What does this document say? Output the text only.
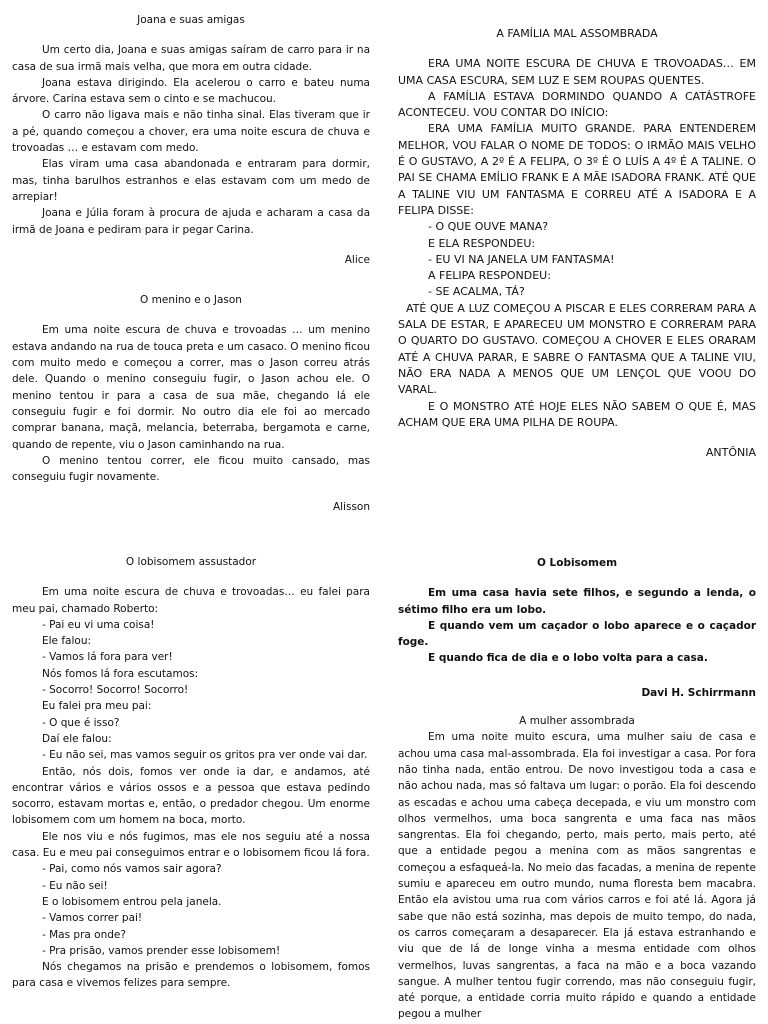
Joana e suas amigas

Um certo dia, Joana e suas amigas saíram de carro para ir na casa de sua irmã mais velha, que mora em outra cidade.

Joana estava dirigindo. Ela acelerou o carro e bateu numa árvore. Carina estava sem o cinto e se machucou.

O carro não ligava mais e não tinha sinal. Elas tiveram que ir a pé, quando começou a chover, era uma noite escura de chuva e trovoadas … e estavam com medo.

Elas viram uma casa abandonada e entraram para dormir, mas, tinha barulhos estranhos e elas estavam com um medo de arrepiar!

Joana e Júlia foram à procura de ajuda e acharam a casa da irmã de Joana e pediram para ir pegar Carina.

Alice

O menino e o Jason

Em uma noite escura de chuva e trovoadas … um menino estava andando na rua de touca preta e um casaco. O menino ficou com muito medo e começou a correr, mas o Jason correu atrás dele. Quando o menino conseguiu fugir, o Jason achou ele. O menino tentou ir para a casa de sua mãe, chegando lá ele conseguiu fugir e foi dormir. No outro dia ele foi ao mercado comprar banana, maçã, melancia, beterraba, bergamota e carne, quando de repente, viu o Jason caminhando na rua.

O menino tentou correr, ele ficou muito cansado, mas conseguiu fugir novamente.

Alisson

A FAMÍLIA MAL ASSOMBRADA

ERA UMA NOITE ESCURA DE CHUVA E TROVOADAS… EM UMA CASA ESCURA, SEM LUZ E SEM ROUPAS QUENTES.

A FAMÍLIA ESTAVA DORMINDO QUANDO A CATÁSTROFE ACONTECEU. VOU CONTAR DO INÍCIO:

ERA UMA FAMÍLIA MUITO GRANDE. PARA ENTENDEREM MELHOR, VOU FALAR O NOME DE TODOS: O IRMÃO MAIS VELHO É O GUSTAVO, A 2º É A FELIPA, O 3º É O LUÍS A 4º É A TALINE. O PAI SE CHAMA EMÍLIO FRANK E A MÃE ISADORA FRANK. ATÉ QUE A TALINE VIU UM FANTASMA E CORREU ATÉ A ISADORA E A FELIPA DISSE:

- O QUE OUVE MANA?

E ELA RESPONDEU:

- EU VI NA JANELA UM FANTASMA!

A FELIPA RESPONDEU:

- SE ACALMA, TÁ?

ATÉ QUE A LUZ COMEÇOU A PISCAR E ELES CORRERAM PARA A SALA DE ESTAR, E APARECEU UM MONSTRO E CORRERAM PARA O QUARTO DO GUSTAVO. COMEÇOU A CHOVER E ELES ORARAM ATÉ A CHUVA PARAR, E SABRE O FANTASMA QUE A TALINE VIU, NÃO ERA NADA A MENOS QUE UM LENÇOL QUE VOOU DO VARAL.

E O MONSTRO ATÉ HOJE ELES NÃO SABEM O QUE É, MAS ACHAM QUE ERA UMA PILHA DE ROUPA.

ANTÔNIA

O lobisomem assustador

Em uma noite escura de chuva e trovoadas… eu falei para meu pai, chamado Roberto:

- Pai eu vi uma coisa!

Ele falou:

- Vamos lá fora para ver!

Nós fomos lá fora escutamos:

- Socorro! Socorro! Socorro!

Eu falei pra meu pai:

- O que é isso?

Daí ele falou:

- Eu não sei, mas vamos seguir os gritos pra ver onde vai dar.

Então, nós dois, fomos ver onde ia dar, e andamos, até encontrar vários e vários ossos e a pessoa que estava pedindo socorro, estavam mortas e, então, o predador chegou. Um enorme lobisomem com um homem na boca, morto.

Ele nos viu e nós fugimos, mas ele nos seguiu até a nossa casa. Eu e meu pai conseguimos entrar e o lobisomem ficou lá fora.

- Pai, como nós vamos sair agora?

- Eu não sei!

E o lobisomem entrou pela janela.

- Vamos correr pai!

- Mas pra onde?

- Pra prisão, vamos prender esse lobisomem!

Nós chegamos na prisão e prendemos o lobisomem, fomos para casa e vivemos felizes para sempre.

O Lobisomem

Em uma casa havia sete filhos, e segundo a lenda, o sétimo filho era um lobo.

E quando vem um caçador o lobo aparece e o caçador foge.

E quando fica de dia e o lobo volta para a casa.

Davi H. Schirrmann

A mulher assombrada

Em uma noite muito escura, uma mulher saiu de casa e achou uma casa mal-assombrada. Ela foi investigar a casa. Por fora não tinha nada, então entrou. De novo investigou toda a casa e não achou nada, mas só faltava um lugar: o porão. Ela foi descendo as escadas e achou uma cabeça decepada, e viu um monstro com olhos vermelhos, uma boca sangrenta e uma faca nas mãos sangrentas. Ela foi chegando, perto, mais perto, mais perto, até que a entidade pegou a menina com as mãos sangrentas e começou a esfaqueá-la. No meio das facadas, a menina de repente sumiu e apareceu em outro mundo, numa floresta bem macabra. Então ela avistou uma rua com vários carros e foi até lá. Agora já sabe que não está sozinha, mas depois de muito tempo, do nada, os carros começaram a desaparecer. Ela já estava estranhando e viu que de lá de longe vinha a mesma entidade com olhos vermelhos, luvas sangrentas, a faca na mão e a boca vazando sangue. A mulher tentou fugir correndo, mas não conseguiu fugir, até porque, a entidade corria muito rápido e quando a entidade pegou a mulher
